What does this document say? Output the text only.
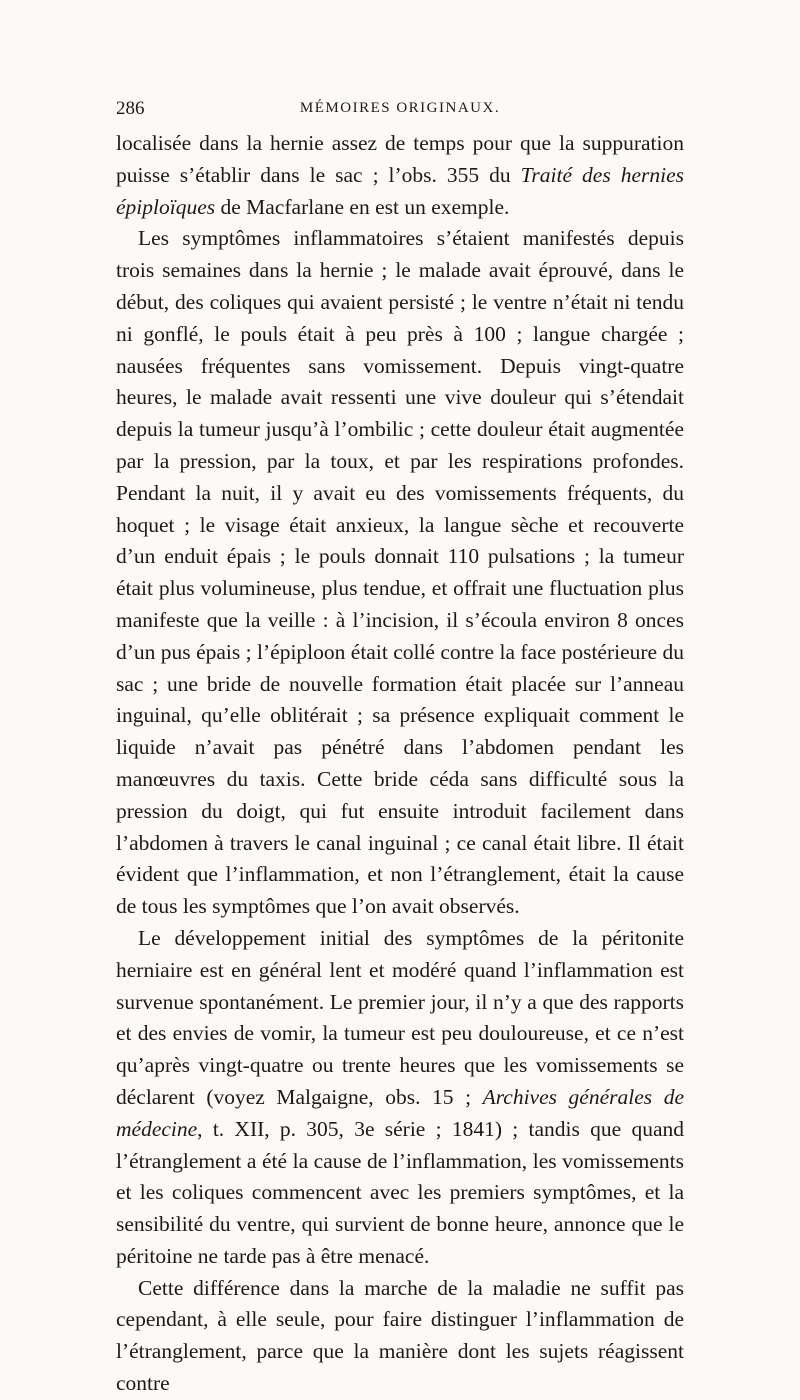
286	MÉMOIRES ORIGINAUX.

localisée dans la hernie assez de temps pour que la suppuration puisse s’établir dans le sac ; l’obs. 355 du Traité des hernies épiploïques de Macfarlane en est un exemple.

Les symptômes inflammatoires s’étaient manifestés depuis trois semaines dans la hernie ; le malade avait éprouvé, dans le début, des coliques qui avaient persisté ; le ventre n’était ni tendu ni gonflé, le pouls était à peu près à 100 ; langue chargée ; nausées fréquentes sans vomissement. Depuis vingt-quatre heures, le malade avait ressenti une vive douleur qui s’étendait depuis la tumeur jusqu’à l’ombilic ; cette douleur était augmentée par la pression, par la toux, et par les respirations profondes. Pendant la nuit, il y avait eu des vomissements fréquents, du hoquet ; le visage était anxieux, la langue sèche et recouverte d’un enduit épais ; le pouls donnait 110 pulsations ; la tumeur était plus volumineuse, plus tendue, et offrait une fluctuation plus manifeste que la veille : à l’incision, il s’écoula environ 8 onces d’un pus épais ; l’épiploon était collé contre la face postérieure du sac ; une bride de nouvelle formation était placée sur l’anneau inguinal, qu’elle oblitérait ; sa présence expliquait comment le liquide n’avait pas pénétré dans l’abdomen pendant les manœuvres du taxis. Cette bride céda sans difficulté sous la pression du doigt, qui fut ensuite introduit facilement dans l’abdomen à travers le canal inguinal ; ce canal était libre. Il était évident que l’inflammation, et non l’étranglement, était la cause de tous les symptômes que l’on avait observés.

Le développement initial des symptômes de la péritonite herniaire est en général lent et modéré quand l’inflammation est survenue spontanément. Le premier jour, il n’y a que des rapports et des envies de vomir, la tumeur est peu douloureuse, et ce n’est qu’après vingt-quatre ou trente heures que les vomissements se déclarent (voyez Malgaigne, obs. 15 ; Archives générales de médecine, t. XII, p. 305, 3e série ; 1841) ; tandis que quand l’étranglement a été la cause de l’inflammation, les vomissements et les coliques commencent avec les premiers symptômes, et la sensibilité du ventre, qui survient de bonne heure, annonce que le péritoine ne tarde pas à être menacé.

Cette différence dans la marche de la maladie ne suffit pas cependant, à elle seule, pour faire distinguer l’inflammation de l’étranglement, parce que la manière dont les sujets réagissent contre
